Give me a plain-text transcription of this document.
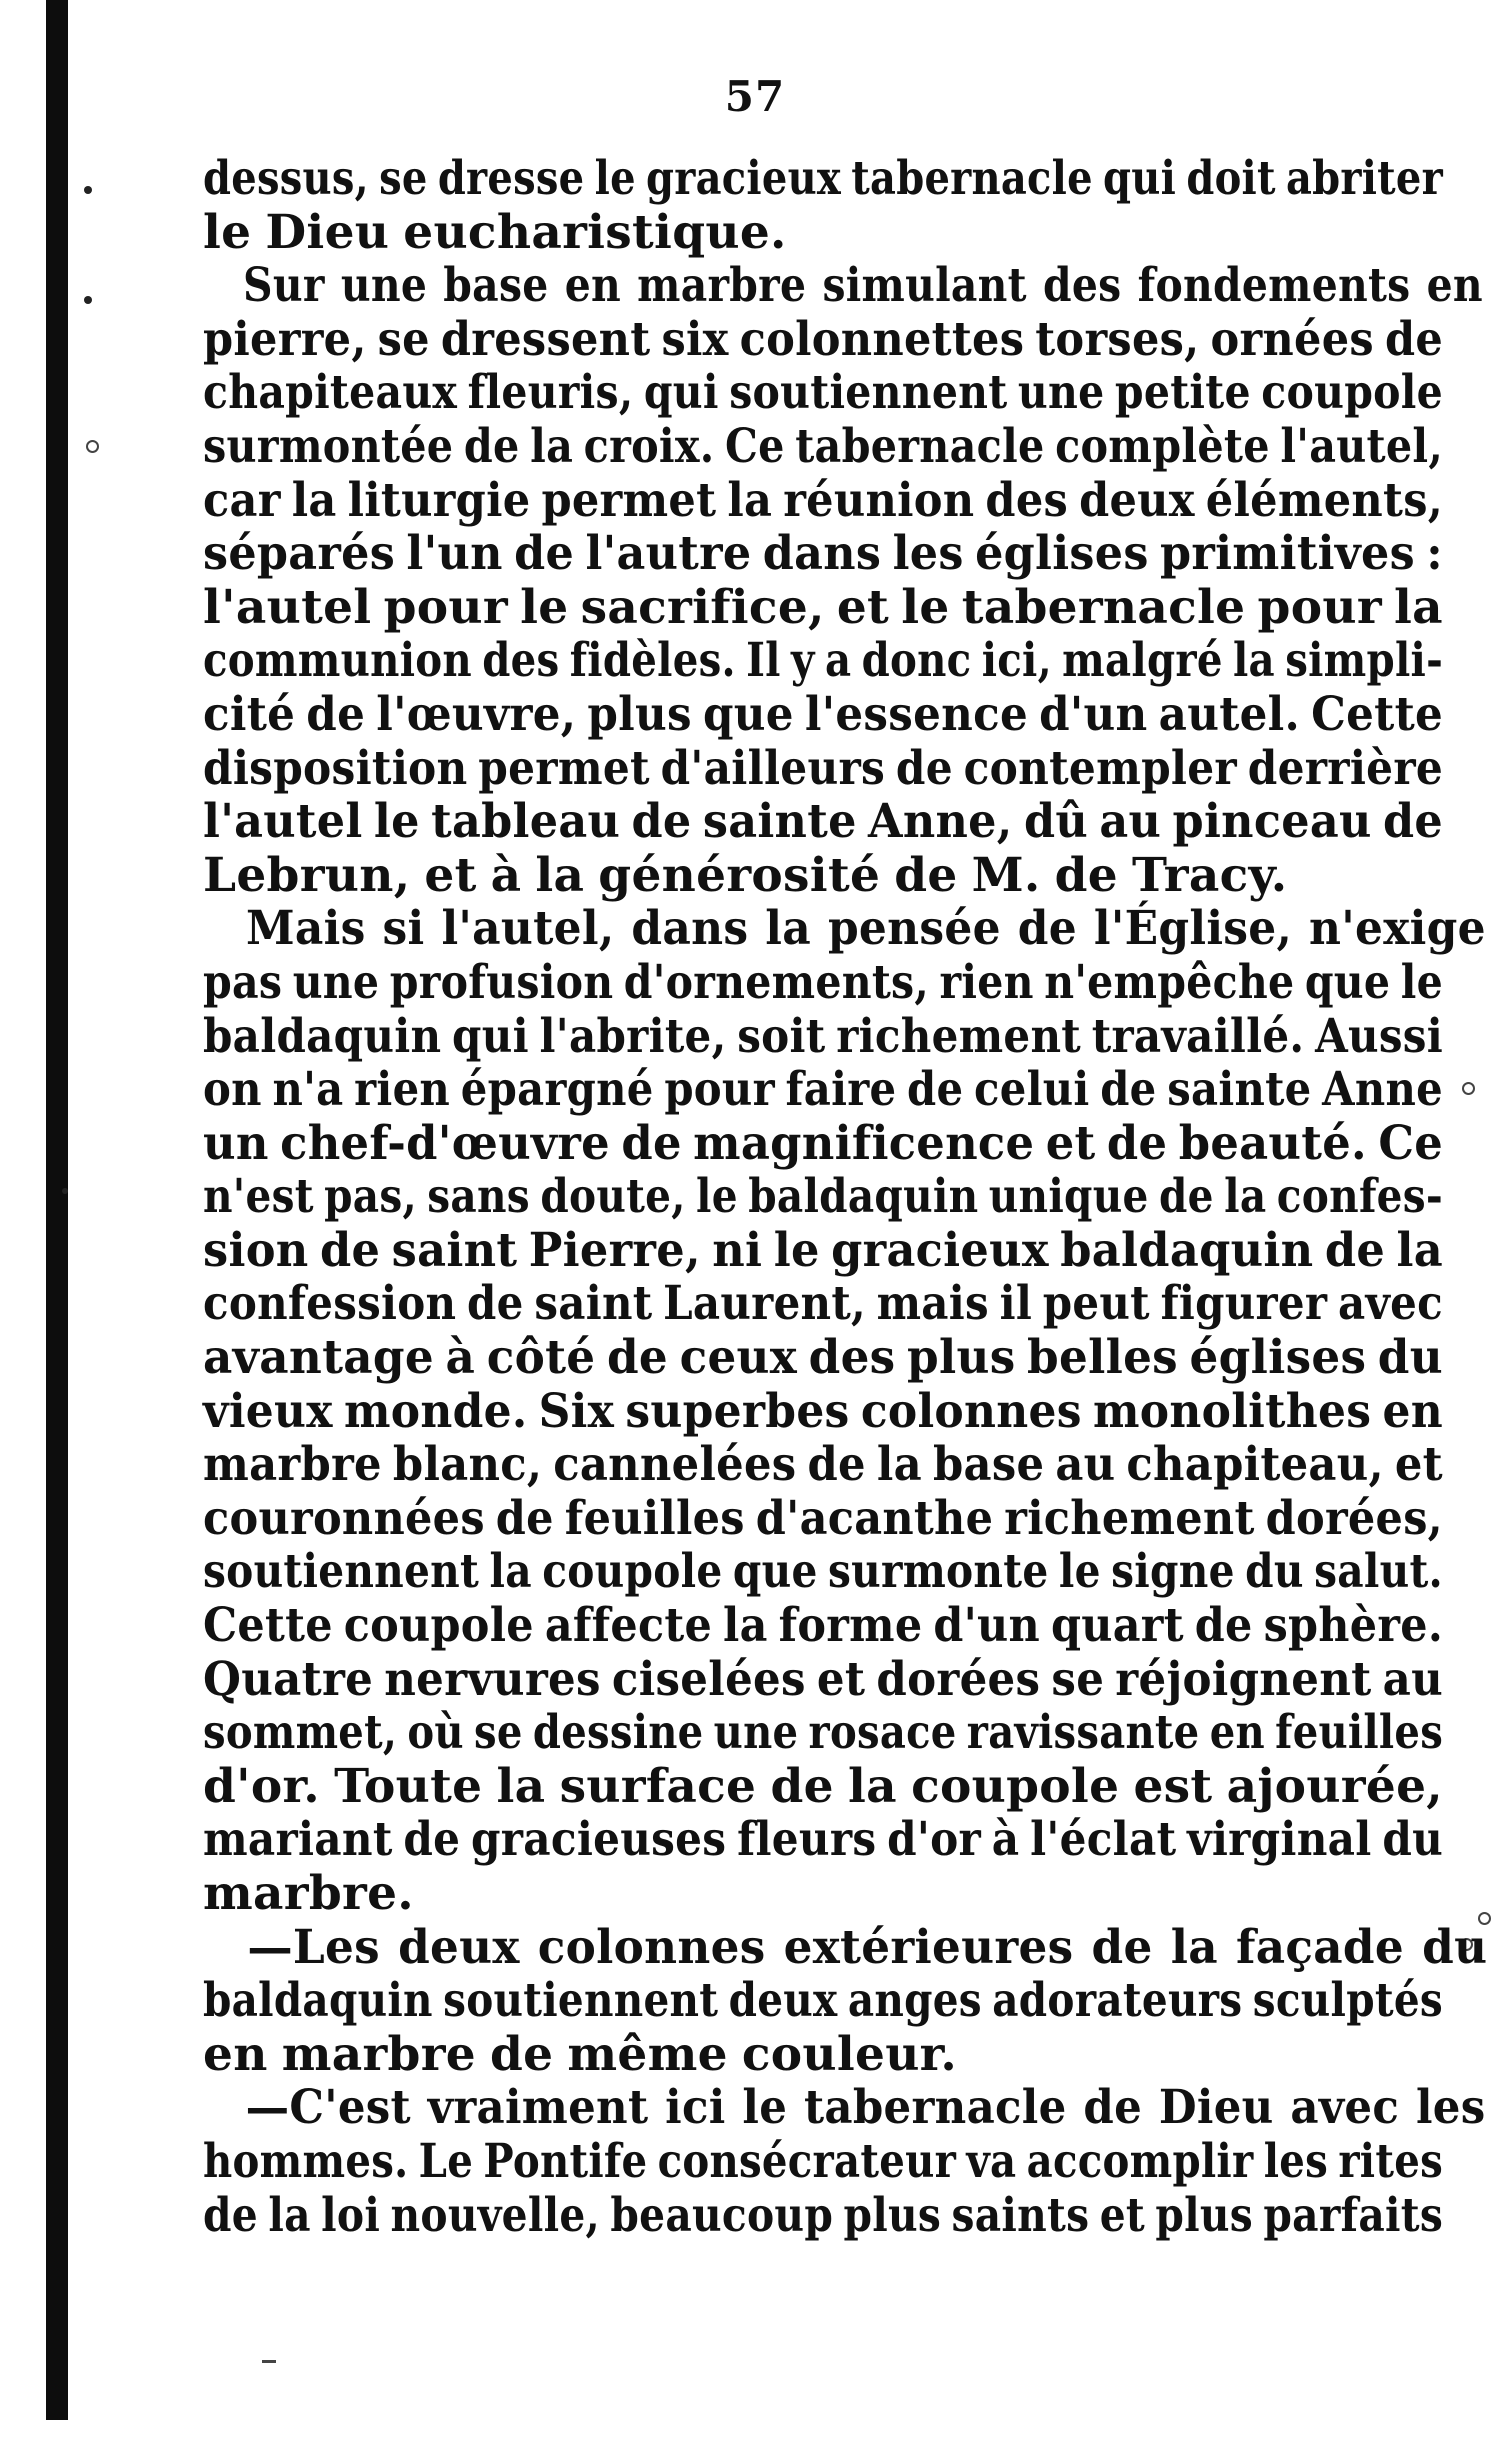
57
dessus, se dresse le gracieux tabernacle qui doit abriter
le Dieu eucharistique.
Sur une base en marbre simulant des fondements en
pierre, se dressent six colonnettes torses, ornées de
chapiteaux fleuris, qui soutiennent une petite coupole
surmontée de la croix. Ce tabernacle complète l'autel,
car la liturgie permet la réunion des deux éléments,
séparés l'un de l'autre dans les églises primitives :
l'autel pour le sacrifice, et le tabernacle pour la
communion des fidèles. Il y a donc ici, malgré la simpli-
cité de l'œuvre, plus que l'essence d'un autel. Cette
disposition permet d'ailleurs de contempler derrière
l'autel le tableau de sainte Anne, dû au pinceau de
Lebrun, et à la générosité de M. de Tracy.
Mais si l'autel, dans la pensée de l'Église, n'exige
pas une profusion d'ornements, rien n'empêche que le
baldaquin qui l'abrite, soit richement travaillé. Aussi
on n'a rien épargné pour faire de celui de sainte Anne
un chef-d'œuvre de magnificence et de beauté. Ce
n'est pas, sans doute, le baldaquin unique de la confes-
sion de saint Pierre, ni le gracieux baldaquin de la
confession de saint Laurent, mais il peut figurer avec
avantage à côté de ceux des plus belles églises du
vieux monde. Six superbes colonnes monolithes en
marbre blanc, cannelées de la base au chapiteau, et
couronnées de feuilles d'acanthe richement dorées,
soutiennent la coupole que surmonte le signe du salut.
Cette coupole affecte la forme d'un quart de sphère.
Quatre nervures ciselées et dorées se réjoignent au
sommet, où se dessine une rosace ravissante en feuilles
d'or. Toute la surface de la coupole est ajourée,
mariant de gracieuses fleurs d'or à l'éclat virginal du
marbre.
—Les deux colonnes extérieures de la façade du
baldaquin soutiennent deux anges adorateurs sculptés
en marbre de même couleur.
—C'est vraiment ici le tabernacle de Dieu avec les
hommes. Le Pontife consécrateur va accomplir les rites
de la loi nouvelle, beaucoup plus saints et plus parfaits
